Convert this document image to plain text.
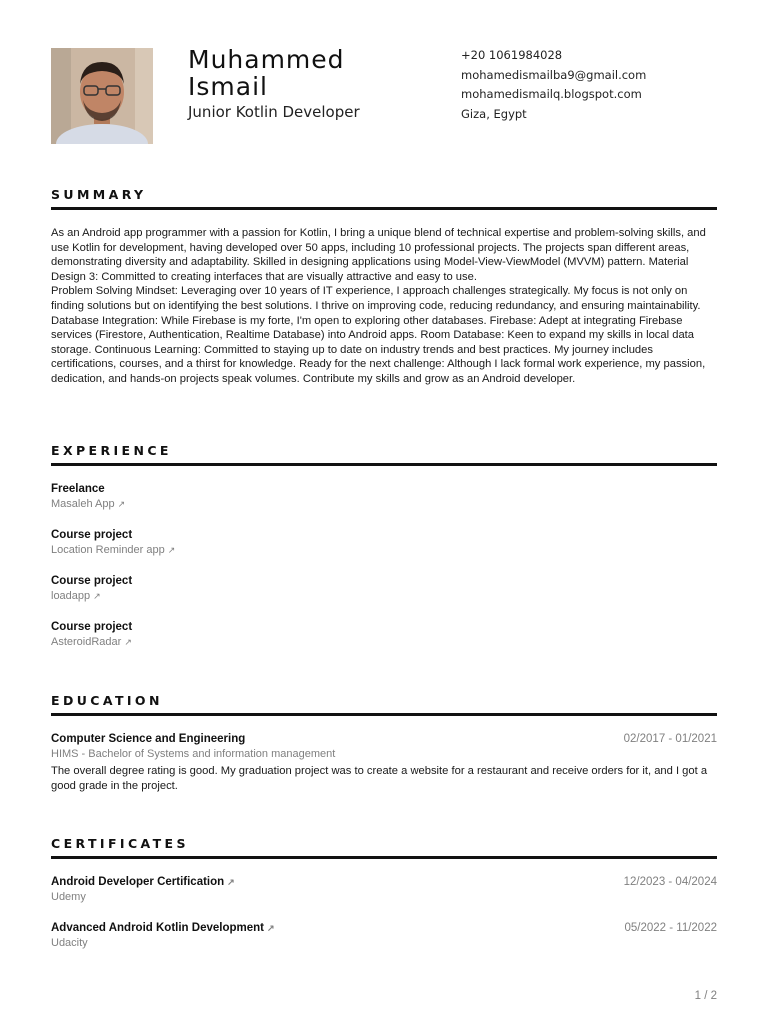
Muhammed Ismail
Junior Kotlin Developer
+20 1061984028
mohamedismailba9@gmail.com
mohamedismailq.blogspot.com
Giza, Egypt
SUMMARY
As an Android app programmer with a passion for Kotlin, I bring a unique blend of technical expertise and problem-solving skills, and use Kotlin for development, having developed over 50 apps, including 10 professional projects. The projects span different areas, demonstrating diversity and adaptability. Skilled in designing applications using Model-View-ViewModel (MVVM) pattern. Material Design 3: Committed to creating interfaces that are visually attractive and easy to use.
Problem Solving Mindset: Leveraging over 10 years of IT experience, I approach challenges strategically. My focus is not only on finding solutions but on identifying the best solutions. I thrive on improving code, reducing redundancy, and ensuring maintainability. Database Integration: While Firebase is my forte, I'm open to exploring other databases. Firebase: Adept at integrating Firebase services (Firestore, Authentication, Realtime Database) into Android apps. Room Database: Keen to expand my skills in local data storage. Continuous Learning: Committed to staying up to date on industry trends and best practices. My journey includes certifications, courses, and a thirst for knowledge. Ready for the next challenge: Although I lack formal work experience, my passion, dedication, and hands-on projects speak volumes. Contribute my skills and grow as an Android developer.
EXPERIENCE
Freelance
Masaleh App ↗
Course project
Location Reminder app ↗
Course project
loadapp ↗
Course project
AsteroidRadar ↗
EDUCATION
Computer Science and Engineering	02/2017 - 01/2021
HIMS - Bachelor of Systems and information management
The overall degree rating is good. My graduation project was to create a website for a restaurant and receive orders for it, and I got a good grade in the project.
CERTIFICATES
Android Developer Certification ↗	12/2023 - 04/2024
Udemy
Advanced Android Kotlin Development ↗	05/2022 - 11/2022
Udacity
1 / 2
